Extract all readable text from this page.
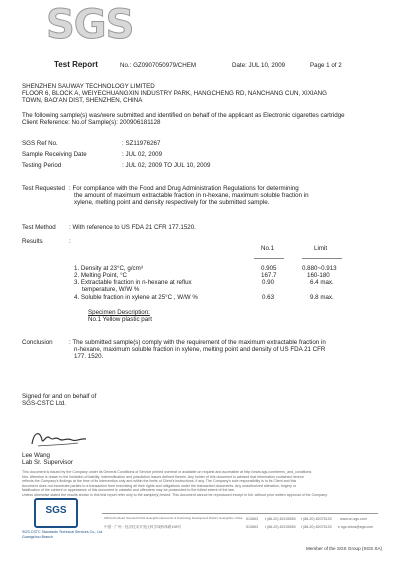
SGS
Test Report	No.: GZ0907050979/CHEM	Date: JUL 10, 2009	Page 1 of 2
SHENZHEN SAUWAY TECHNOLOGY LIMITED
FLOOR 6, BLOCK A, WEIYECHUANGXIN INDUSTRY PARK, HANGCHENG RD, NANCHANG CUN, XIXIANG
TOWN, BAO'AN DIST, SHENZHEN, CHINA
The following sample(s) was/were submitted and identified on behalf of the applicant as Electronic cigarettes cartridge
Client Reference: No.of Sample(s): 200906181128
SGS Ref No.	: SZ11976267
Sample Receiving Date	: JUL 02, 2009
Testing Period	: JUL 02, 2009 TO JUL 10, 2009
Test Requested : For compliance with the Food and Drug Administration Regulations for determining
the amount of maximum extractable fraction in n-hexane, maximum soluble fraction in
xylene, melting point and density respectively for the submitted sample.
Test Method : With reference to US FDA 21 CFR 177.1520.
Results	:
No.1	Limit
1. Density at 23°C, g/cm³	0.905	0.880~0.913
2. Melting Point, °C	167.7	160-180
3. Extractable fraction in n-hexane at reflux	0.90	6.4 max.
temperature, W/W %
4. Soluble fraction in xylene at 25°C , W/W %	0.63	9.8 max.
Specimen Description:
No.1 Yellow plastic part
Conclusion	: The submitted sample(s) comply with the requirement of the maximum extractable fraction in
n-hexane, maximum soluble fraction in xylene, melting point and density of US FDA 21 CFR
177. 1520.
Signed for and on behalf of
SGS-CSTC Ltd.
Lee Wang
Lab Sr. Supervisor
This document is issued by the Company under its General Conditions of Service printed overleaf or available on request and accessible at http://www.sgs.com/terms_and_conditions
htm. Attention is drawn to the limitation of liability, indemnification and jurisdiction issues defined therein. Any holder of this document is advised that information contained hereon
reflects the Company's findings at the time of its intervention only and within the limits of Client's instructions, if any. The Company's sole responsibility is to its Client and this
document does not exonerate parties to a transaction from exercising all their rights and obligations under the transaction documents. Any unauthorized alteration, forgery or
falsification of the content or appearance of this document is unlawful and offenders may be prosecuted to the fullest extent of the law.
Unless otherwise stated the results shown in this test report refer only to the sample(s) tested. This document cannot be reproduced except in full, without prior written approval of the Company.
SGS
SGS-CSTC Standards Technical Services Co., Ltd.
Guangzhou Branch
198 Kezhu Road, Scientech Park Guangzhou Economic & Technology Development District, Guangzhou, China
中国 · 广州 · 经济技术开发区科学城科珠路198号
510663
510663
t (86-20) 82155555 f (86-20) 82075125 www.cn.sgs.com
t (86-20) 82155555 f (86-20) 82075125 e sgs.china@sgs.com
Member of the SGS Group (SGS SA)
